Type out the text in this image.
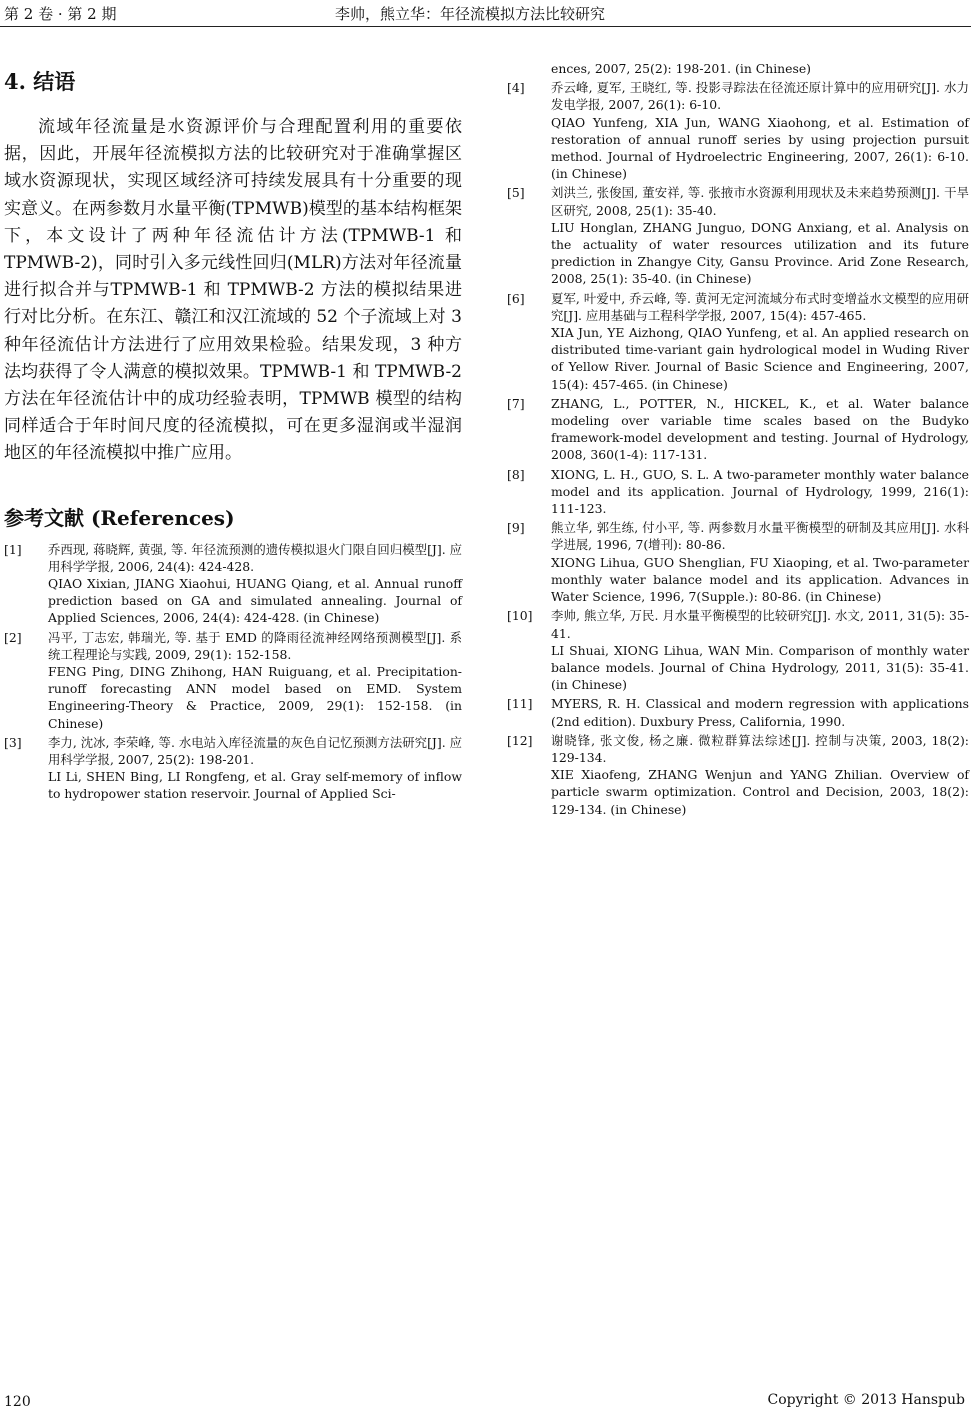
第 2 卷 · 第 2 期	李帅，熊立华：年径流模拟方法比较研究
4. 结语

流域年径流量是水资源评价与合理配置利用的重要依据，因此，开展年径流模拟方法的比较研究对于准确掌握区域水资源现状，实现区域经济可持续发展具有十分重要的现实意义。在两参数月水量平衡(TPMWB)模型的基本结构框架下，本文设计了两种年径流估计方法(TPMWB-1 和 TPMWB-2)，同时引入多元线性回归(MLR)方法对年径流量进行拟合并与TPMWB-1 和 TPMWB-2 方法的模拟结果进行对比分析。在东江、赣江和汉江流域的 52 个子流域上对 3 种年径流估计方法进行了应用效果检验。结果发现，3 种方法均获得了令人满意的模拟效果。TPMWB-1 和 TPMWB-2 方法在年径流估计中的成功经验表明，TPMWB 模型的结构同样适合于年时间尺度的径流模拟，可在更多湿润或半湿润地区的年径流模拟中推广应用。

参考文献 (References)
[1]	乔西现, 蒋晓辉, 黄强, 等. 年径流预测的遗传模拟退火门限自回归模型[J]. 应用科学学报, 2006, 24(4): 424-428.
QIAO Xixian, JIANG Xiaohui, HUANG Qiang, et al. Annual runoff prediction based on GA and simulated annealing. Journal of Applied Sciences, 2006, 24(4): 424-428. (in Chinese)
[2]	冯平, 丁志宏, 韩瑞光, 等. 基于 EMD 的降雨径流神经网络预测模型[J]. 系统工程理论与实践, 2009, 29(1): 152-158.
FENG Ping, DING Zhihong, HAN Ruiguang, et al. Precipitation-runoff forecasting ANN model based on EMD. System Engineering-Theory & Practice, 2009, 29(1): 152-158. (in Chinese)
[3]	李力, 沈冰, 李荣峰, 等. 水电站入库径流量的灰色自记忆预测方法研究[J]. 应用科学学报, 2007, 25(2): 198-201.
LI Li, SHEN Bing, LI Rongfeng, et al. Gray self-memory of inflow to hydropower station reservoir. Journal of Applied Sci-
ences, 2007, 25(2): 198-201. (in Chinese)
[4]	乔云峰, 夏军, 王晓红, 等. 投影寻踪法在径流还原计算中的应用研究[J]. 水力发电学报, 2007, 26(1): 6-10.
QIAO Yunfeng, XIA Jun, WANG Xiaohong, et al. Estimation of restoration of annual runoff series by using projection pursuit method. Journal of Hydroelectric Engineering, 2007, 26(1): 6-10. (in Chinese)
[5]	刘洪兰, 张俊国, 董安祥, 等. 张掖市水资源利用现状及未来趋势预测[J]. 干旱区研究, 2008, 25(1): 35-40.
LIU Honglan, ZHANG Junguo, DONG Anxiang, et al. Analysis on the actuality of water resources utilization and its future prediction in Zhangye City, Gansu Province. Arid Zone Research, 2008, 25(1): 35-40. (in Chinese)
[6]	夏军, 叶爱中, 乔云峰, 等. 黄河无定河流域分布式时变增益水文模型的应用研究[J]. 应用基础与工程科学学报, 2007, 15(4): 457-465.
XIA Jun, YE Aizhong, QIAO Yunfeng, et al. An applied research on distributed time-variant gain hydrological model in Wuding River of Yellow River. Journal of Basic Science and Engineering, 2007, 15(4): 457-465. (in Chinese)
[7]	ZHANG, L., POTTER, N., HICKEL, K., et al. Water balance modeling over variable time scales based on the Budyko framework-model development and testing. Journal of Hydrology, 2008, 360(1-4): 117-131.
[8]	XIONG, L. H., GUO, S. L. A two-parameter monthly water balance model and its application. Journal of Hydrology, 1999, 216(1): 111-123.
[9]	熊立华, 郭生练, 付小平, 等. 两参数月水量平衡模型的研制及其应用[J]. 水科学进展, 1996, 7(增刊): 80-86.
XIONG Lihua, GUO Shenglian, FU Xiaoping, et al. Two-parameter monthly water balance model and its application. Advances in Water Science, 1996, 7(Supple.): 80-86. (in Chinese)
[10]	李帅, 熊立华, 万民. 月水量平衡模型的比较研究[J]. 水文, 2011, 31(5): 35-41.
LI Shuai, XIONG Lihua, WAN Min. Comparison of monthly water balance models. Journal of China Hydrology, 2011, 31(5): 35-41. (in Chinese)
[11]	MYERS, R. H. Classical and modern regression with applications (2nd edition). Duxbury Press, California, 1990.
[12]	谢晓锋, 张文俊, 杨之廉. 微粒群算法综述[J]. 控制与决策, 2003, 18(2): 129-134.
XIE Xiaofeng, ZHANG Wenjun and YANG Zhilian. Overview of particle swarm optimization. Control and Decision, 2003, 18(2): 129-134. (in Chinese)
120	Copyright © 2013 Hanspub
